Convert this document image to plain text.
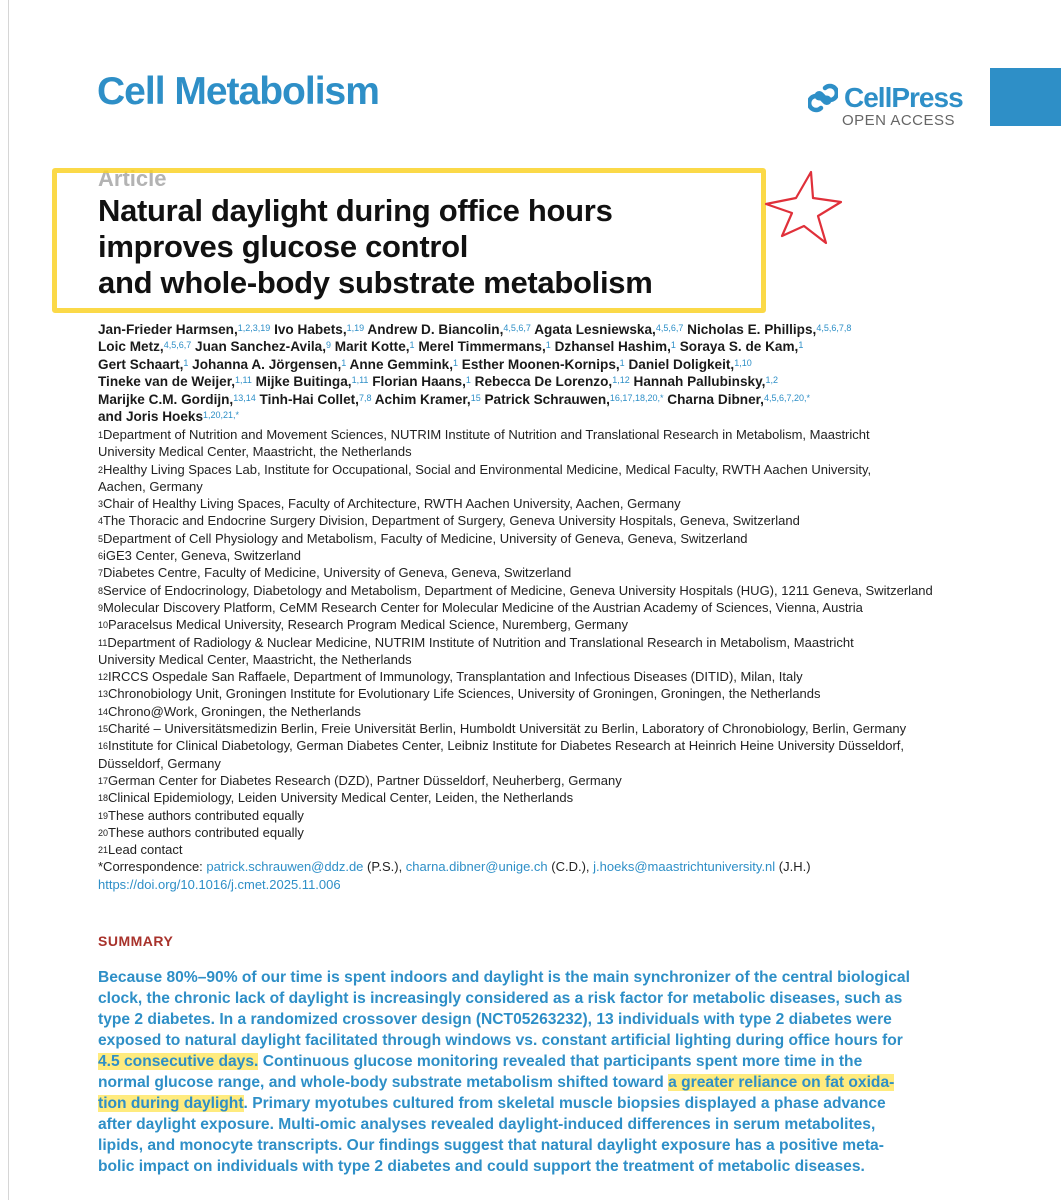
Cell Metabolism	CellPress
OPEN ACCESS
Article
Natural daylight during office hours
improves glucose control
and whole-body substrate metabolism
Jan-Frieder Harmsen,$^{1,2,3,19}$ Ivo Habets,$^{1,19}$ Andrew D. Biancolin,$^{4,5,6,7}$ Agata Lesniewska,$^{4,5,6,7}$ Nicholas E. Phillips,$^{4,5,6,7,8}$
Loic Metz,$^{4,5,6,7}$ Juan Sanchez-Avila,$^9$ Marit Kotte,$^1$ Merel Timmermans,$^1$ Dzhansel Hashim,$^1$ Soraya S. de Kam,$^1$
Gert Schaart,$^1$ Johanna A. Jörgensen,$^1$ Anne Gemmink,$^1$ Esther Moonen-Kornips,$^1$ Daniel Doligkeit,$^{1,10}$
Tineke van de Weijer,$^{1,11}$ Mijke Buitinga,$^{1,11}$ Florian Haans,$^1$ Rebecca De Lorenzo,$^{1,12}$ Hannah Pallubinsky,$^{1,2}$
Marijke C.M. Gordijn,$^{13,14}$ Tinh-Hai Collet,$^{7,8}$ Achim Kramer,$^{15}$ Patrick Schrauwen,$^{16,17,18,20,*}$ Charna Dibner,$^{4,5,6,7,20,*}$
and Joris Hoeks$^{1,20,21,*}$
$^1$Department of Nutrition and Movement Sciences, NUTRIM Institute of Nutrition and Translational Research in Metabolism, Maastricht
University Medical Center, Maastricht, the Netherlands
$^2$Healthy Living Spaces Lab, Institute for Occupational, Social and Environmental Medicine, Medical Faculty, RWTH Aachen University,
Aachen, Germany
$^3$Chair of Healthy Living Spaces, Faculty of Architecture, RWTH Aachen University, Aachen, Germany
$^4$The Thoracic and Endocrine Surgery Division, Department of Surgery, Geneva University Hospitals, Geneva, Switzerland
$^5$Department of Cell Physiology and Metabolism, Faculty of Medicine, University of Geneva, Geneva, Switzerland
$^6$iGE3 Center, Geneva, Switzerland
$^7$Diabetes Centre, Faculty of Medicine, University of Geneva, Geneva, Switzerland
$^8$Service of Endocrinology, Diabetology and Metabolism, Department of Medicine, Geneva University Hospitals (HUG), 1211 Geneva, Switzerland
$^9$Molecular Discovery Platform, CeMM Research Center for Molecular Medicine of the Austrian Academy of Sciences, Vienna, Austria
$^{10}$Paracelsus Medical University, Research Program Medical Science, Nuremberg, Germany
$^{11}$Department of Radiology & Nuclear Medicine, NUTRIM Institute of Nutrition and Translational Research in Metabolism, Maastricht
University Medical Center, Maastricht, the Netherlands
$^{12}$IRCCS Ospedale San Raffaele, Department of Immunology, Transplantation and Infectious Diseases (DITID), Milan, Italy
$^{13}$Chronobiology Unit, Groningen Institute for Evolutionary Life Sciences, University of Groningen, Groningen, the Netherlands
$^{14}$Chrono@Work, Groningen, the Netherlands
$^{15}$Charité – Universitätsmedizin Berlin, Freie Universität Berlin, Humboldt Universität zu Berlin, Laboratory of Chronobiology, Berlin, Germany
$^{16}$Institute for Clinical Diabetology, German Diabetes Center, Leibniz Institute for Diabetes Research at Heinrich Heine University Düsseldorf,
Düsseldorf, Germany
$^{17}$German Center for Diabetes Research (DZD), Partner Düsseldorf, Neuherberg, Germany
$^{18}$Clinical Epidemiology, Leiden University Medical Center, Leiden, the Netherlands
$^{19}$These authors contributed equally
$^{20}$These authors contributed equally
$^{21}$Lead contact
*Correspondence: patrick.schrauwen@ddz.de (P.S.), charna.dibner@unige.ch (C.D.), j.hoeks@maastrichtuniversity.nl (J.H.)
https://doi.org/10.1016/j.cmet.2025.11.006
SUMMARY
Because 80%–90% of our time is spent indoors and daylight is the main synchronizer of the central biological
clock, the chronic lack of daylight is increasingly considered as a risk factor for metabolic diseases, such as
type 2 diabetes. In a randomized crossover design (NCT05263232), 13 individuals with type 2 diabetes were
exposed to natural daylight facilitated through windows vs. constant artificial lighting during office hours for
4.5 consecutive days. Continuous glucose monitoring revealed that participants spent more time in the
normal glucose range, and whole-body substrate metabolism shifted toward a greater reliance on fat oxida-
tion during daylight. Primary myotubes cultured from skeletal muscle biopsies displayed a phase advance
after daylight exposure. Multi-omic analyses revealed daylight-induced differences in serum metabolites,
lipids, and monocyte transcripts. Our findings suggest that natural daylight exposure has a positive meta-
bolic impact on individuals with type 2 diabetes and could support the treatment of metabolic diseases.
